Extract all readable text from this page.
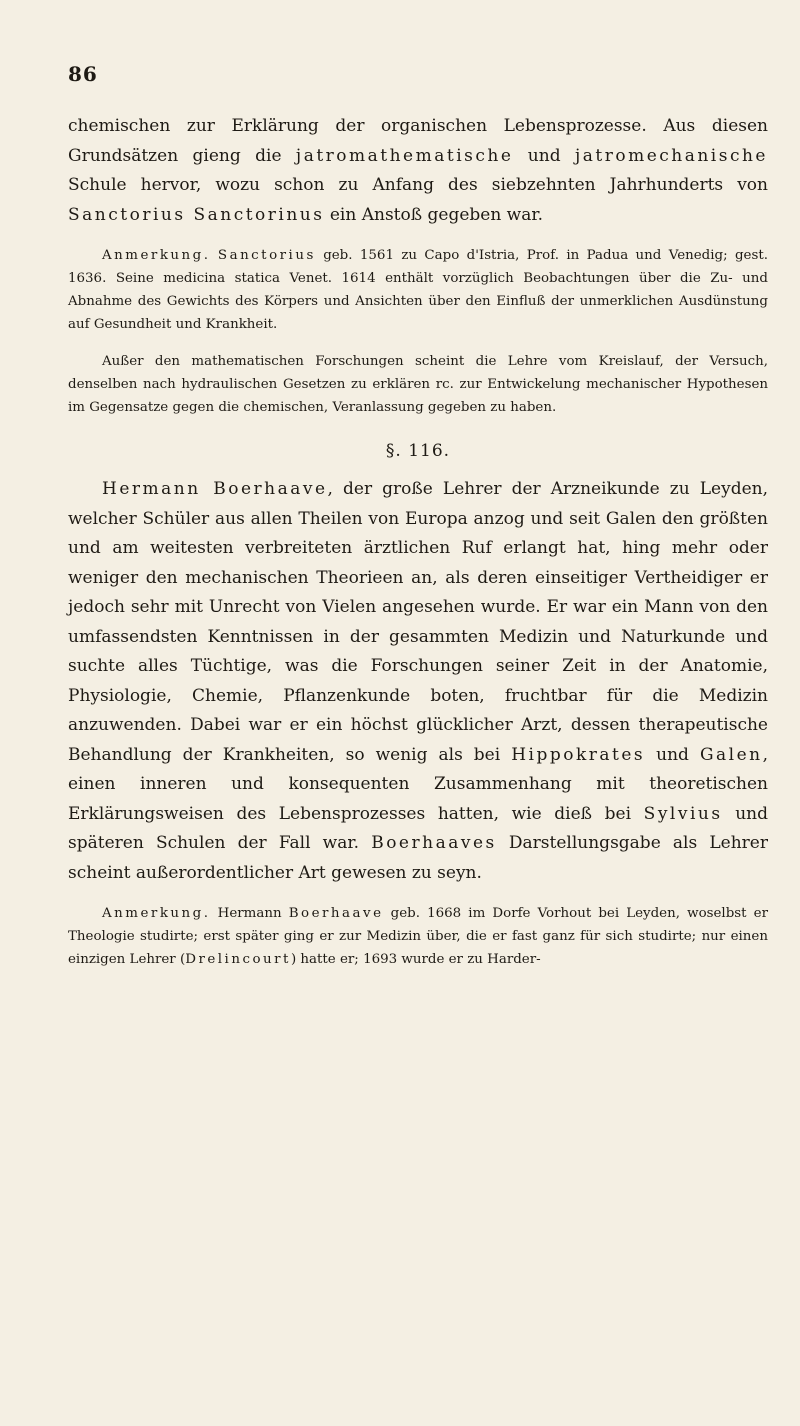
86

chemischen zur Erklärung der organischen Lebensprozesse. Aus diesen Grundsätzen gieng die jatromathematische und jatromechanische Schule hervor, wozu schon zu Anfang des siebzehnten Jahrhunderts von Sanctorius Sanctorinus ein Anstoß gegeben war.

Anmerkung. Sanctorius geb. 1561 zu Capo d'Istria, Prof. in Padua und Venedig; gest. 1636. Seine medicina statica Venet. 1614 enthält vorzüglich Beobachtungen über die Zu- und Abnahme des Gewichts des Körpers und Ansichten über den Einfluß der unmerklichen Ausdünstung auf Gesundheit und Krankheit.

Außer den mathematischen Forschungen scheint die Lehre vom Kreislauf, der Versuch, denselben nach hydraulischen Gesetzen zu erklären rc. zur Entwickelung mechanischer Hypothesen im Gegensatze gegen die chemischen, Veranlassung gegeben zu haben.

§. 116.

Hermann Boerhaave, der große Lehrer der Arzneikunde zu Leyden, welcher Schüler aus allen Theilen von Europa anzog und seit Galen den größten und am weitesten verbreiteten ärztlichen Ruf erlangt hat, hing mehr oder weniger den mechanischen Theorieen an, als deren einseitiger Vertheidiger er jedoch sehr mit Unrecht von Vielen angesehen wurde. Er war ein Mann von den umfassendsten Kenntnissen in der gesammten Medizin und Naturkunde und suchte alles Tüchtige, was die Forschungen seiner Zeit in der Anatomie, Physiologie, Chemie, Pflanzenkunde boten, fruchtbar für die Medizin anzuwenden. Dabei war er ein höchst glücklicher Arzt, dessen therapeutische Behandlung der Krankheiten, so wenig als bei Hippokrates und Galen, einen inneren und konsequenten Zusammenhang mit theoretischen Erklärungsweisen des Lebensprozesses hatten, wie dieß bei Sylvius und späteren Schulen der Fall war. Boerhaaves Darstellungsgabe als Lehrer scheint außerordentlicher Art gewesen zu seyn.

Anmerkung. Hermann Boerhaave geb. 1668 im Dorfe Vorhout bei Leyden, woselbst er Theologie studirte; erst später ging er zur Medizin über, die er fast ganz für sich studirte; nur einen einzigen Lehrer (Drelincourt) hatte er; 1693 wurde er zu Harder-
